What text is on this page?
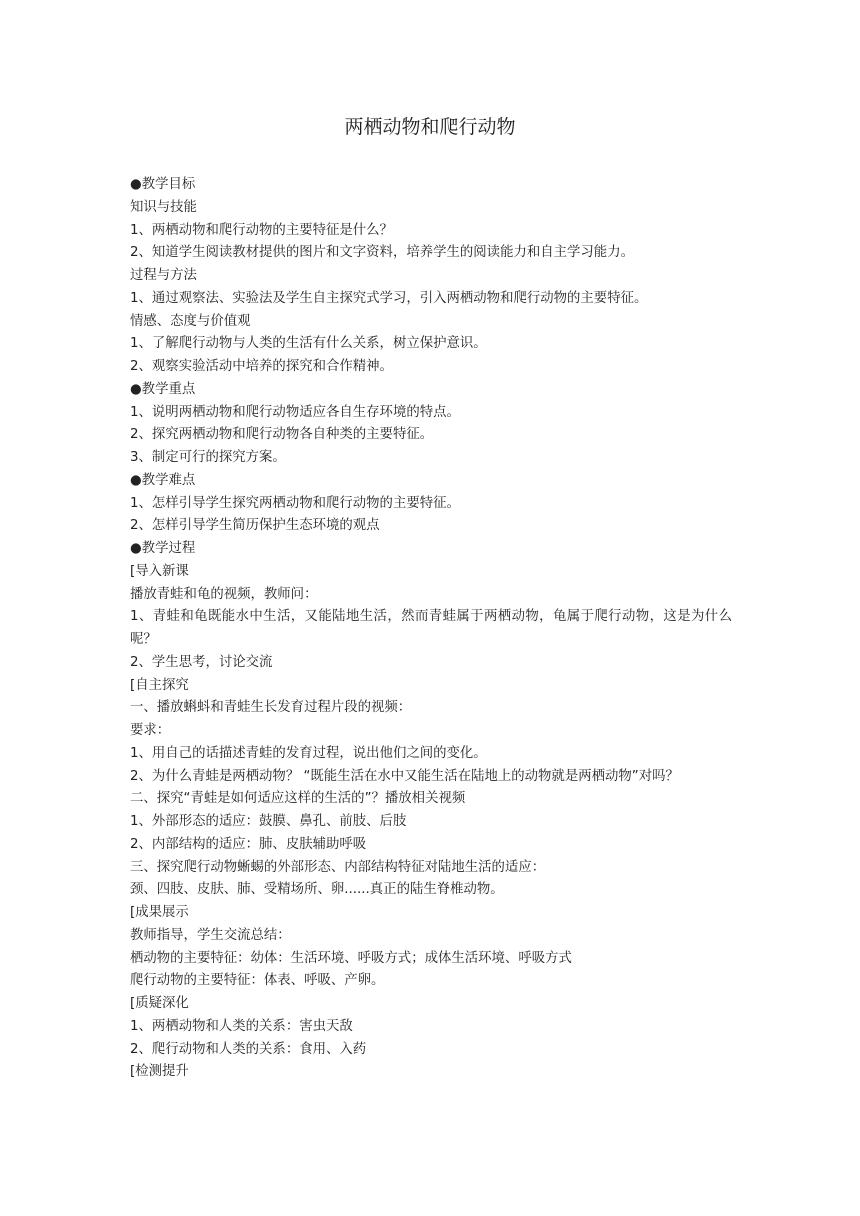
两栖动物和爬行动物

●教学目标

知识与技能

1、两栖动物和爬行动物的主要特征是什么？

2、知道学生阅读教材提供的图片和文字资料，培养学生的阅读能力和自主学习能力。

过程与方法

1、通过观察法、实验法及学生自主探究式学习，引入两栖动物和爬行动物的主要特征。

情感、态度与价值观

1、了解爬行动物与人类的生活有什么关系，树立保护意识。

2、观察实验活动中培养的探究和合作精神。

●教学重点

1、说明两栖动物和爬行动物适应各自生存环境的特点。

2、探究两栖动物和爬行动物各自种类的主要特征。

3、制定可行的探究方案。

●教学难点

1、怎样引导学生探究两栖动物和爬行动物的主要特征。

2、怎样引导学生简历保护生态环境的观点

●教学过程

[导入新课

播放青蛙和龟的视频，教师问：

1、青蛙和龟既能水中生活，又能陆地生活，然而青蛙属于两栖动物，龟属于爬行动物，这是为什么呢？

2、学生思考，讨论交流

[自主探究

一、播放蝌蚪和青蛙生长发育过程片段的视频：

要求：

1、用自己的话描述青蛙的发育过程，说出他们之间的变化。

2、为什么青蛙是两栖动物？ “既能生活在水中又能生活在陆地上的动物就是两栖动物”对吗？

二、探究“青蛙是如何适应这样的生活的”？播放相关视频

1、外部形态的适应：鼓膜、鼻孔、前肢、后肢

2、内部结构的适应：肺、皮肤辅助呼吸

三、探究爬行动物蜥蜴的外部形态、内部结构特征对陆地生活的适应：

颈、四肢、皮肤、肺、受精场所、卵......真正的陆生脊椎动物。

[成果展示

教师指导，学生交流总结：

栖动物的主要特征：幼体：生活环境、呼吸方式；成体生活环境、呼吸方式

爬行动物的主要特征：体表、呼吸、产卵。

[质疑深化

1、两栖动物和人类的关系：害虫天敌

2、爬行动物和人类的关系：食用、入药

[检测提升
